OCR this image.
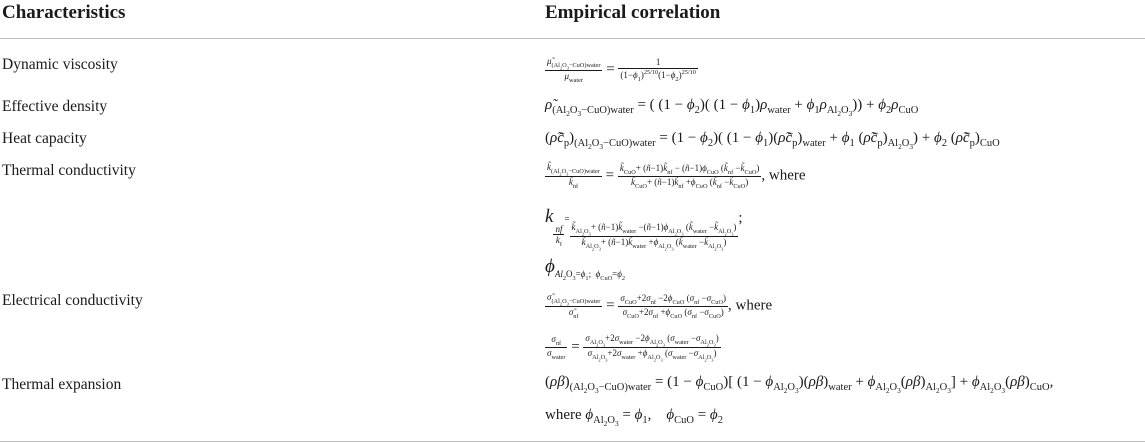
Characteristics	Empirical correlation
Dynamic viscosity	$\frac{\mũ_{(Al_2O_3-CuO)water}}{\mu_{water}} = \frac{1}{(1-\phi_1)^{25/10}(1-\phi_2)^{25/10}}$
Effective density	$\rhõ_{(Al_2O_3-CuO)water}$ = ( $(1 - \phi_2)$( $(1 - \phi_1)\rho_{water} + \phi_1\rho_{Al_2O_3})) + \phi_2\rho_{CuO}$
Heat capacity	$(\rhõc̃_p)_{(Al_2O_3-CuO)water} = (1 - \phi_2)$( $(1 - \phi_1)(\rhõc̃_p)_{water} + \phi_1$ $(\rhõc̃_p)_{Al_2O_3}) + \phi_2$ $(\rhõc̃_p)_{CuO}$
Thermal conductivity	$\frac{k̃_{(Al_2O_3-CuO)water}}{k̃_{nf}} = \frac{k̃_{CuO}+ (ñ-1)k̃_{nf} - (ñ-1)\phi_{CuO} (k̃_{nf} -k̃_{CuO})}{k̃_{CuO}+ (ñ-1)k̃_{nf} +\phi_{CuO} (k̃_{nf} -k̃_{CuO})}$ , where
k
$\frac{nf}{k_f}$
=
$\frac{k̃_{Al_2O_3}+ (ñ-1)k̃_{water} -(ñ-1)\phi_{Al_2O_3} (k̃_{water} -k̃_{Al_2O_3})}{k̃_{Al_2O_3}+ (ñ-1)k̃_{water} +\phi_{Al_2O_3} (k̃_{water} -k̃_{Al_2O_3})}$
;
$\phi_{Al_2O_3=\phi_1; \phi_{CuO}=\phi_2}$
Electrical conductivity	$\frac{\sigmã_{(Al_2O_3-CuO)water}}{\sigmã_{nf}} = \frac{\sigma_{CuO}+2\sigma_{nf} -2\phi_{CuO} (\sigma_{nf} -\sigma_{CuO})}{\sigma_{CuO}+2\sigma_{nf} +\phi_{CuO} (\sigma_{nf} -\sigma_{CuO})}$ , where
$\frac{\sigma_{nf}}{\sigma_{water}} = \frac{\sigma_{Al_2O_3}+2\sigma_{water} -2\phi_{Al_2O_3} (\sigma_{water} -\sigma_{Al_2O_3})}{\sigma_{Al_2O_3}+2\sigma_{water} +\phi_{Al_2O_3} (\sigma_{water} -\sigma_{Al_2O_3})}$
Thermal expansion	$(\rho\beta)_{(Al_2O_3-CuO)water} = (1 - \phi_{CuO})$[ $(1 - \phi_{Al_2O_3})(\rho\beta)_{water} + \phi_{Al_2O_3}(\rho\beta)_{Al_2O_3}] + \phi_{Al_2O_3}(\rho\beta)_{CuO}$,
where $\phi_{Al_2O_3} = \phi_1$,    $\phi_{CuO} = \phi_2$
